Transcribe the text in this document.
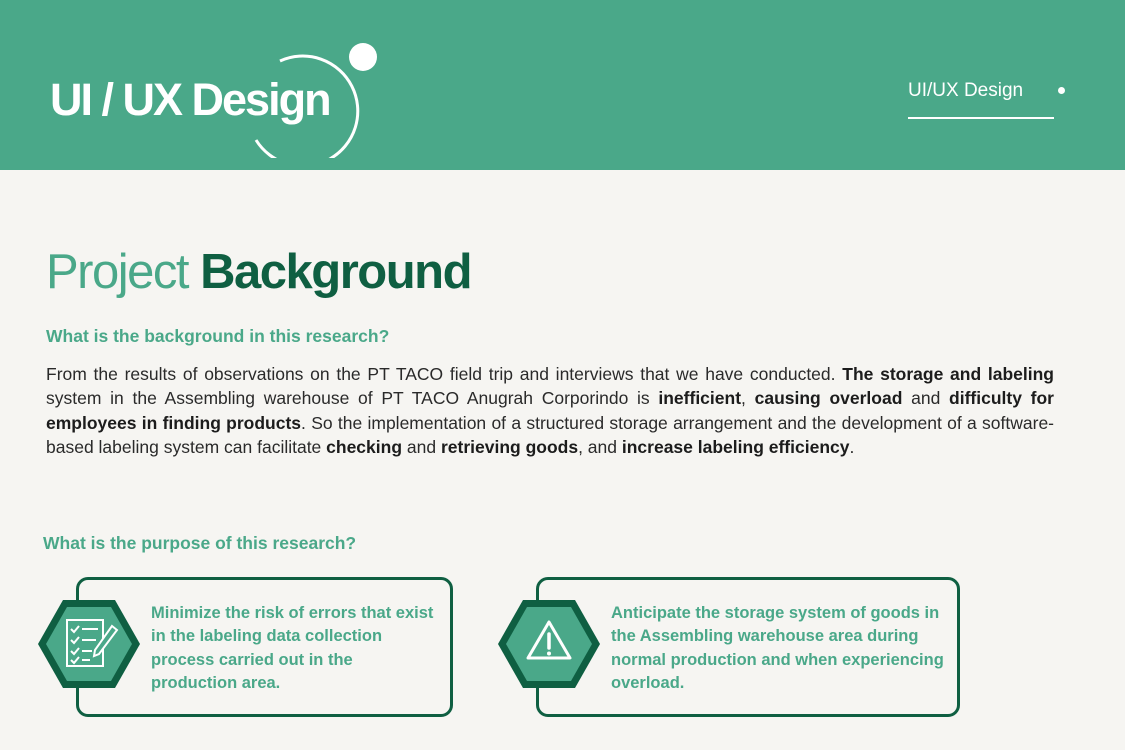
UI / UX Design	UI/UX Design
Project Background
What is the background in this research?

From the results of observations on the PT TACO field trip and interviews that we have conducted. The storage and labeling system in the Assembling warehouse of PT TACO Anugrah Corporindo is inefficient, causing overload and difficulty for employees in finding products. So the implementation of a structured storage arrangement and the development of a software-based labeling system can facilitate checking and retrieving goods, and increase labeling efficiency.

What is the purpose of this research?
Minimize the risk of errors that exist in the labeling data collection process carried out in the production area.
Anticipate the storage system of goods in the Assembling warehouse area during normal production and when experiencing overload.
